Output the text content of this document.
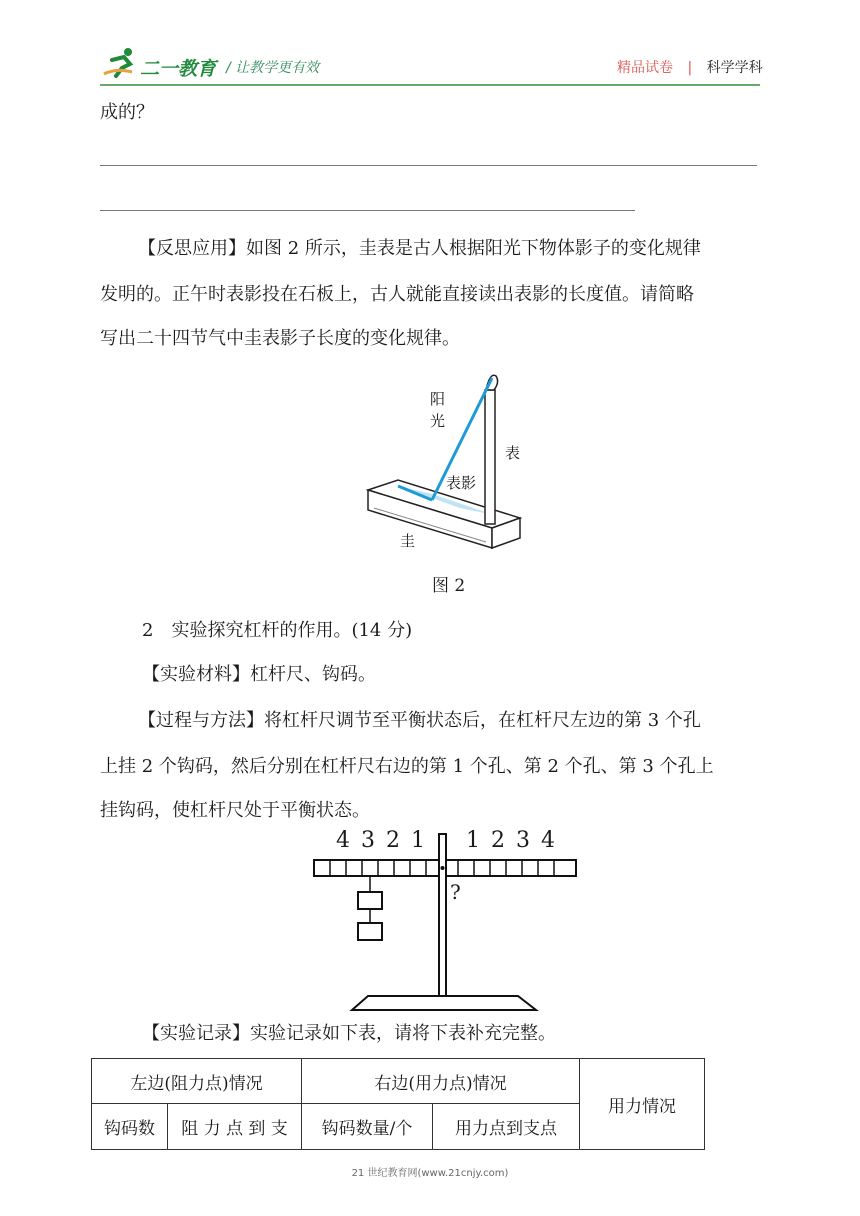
二一教育 / 让教学更有效	精品试卷 | 科学学科
成的？
【反思应用】如图 2 所示，圭表是古人根据阳光下物体影子的变化规律
发明的。正午时表影投在石板上，古人就能直接读出表影的长度值。请简略
写出二十四节气中圭表影子长度的变化规律。
阳
光
表
表影
圭
图 2
2　实验探究杠杆的作用。(14 分)
【实验材料】杠杆尺、钩码。
【过程与方法】将杠杆尺调节至平衡状态后，在杠杆尺左边的第 3 个孔
上挂 2 个钩码，然后分别在杠杆尺右边的第 1 个孔、第 2 个孔、第 3 个孔上
挂钩码，使杠杆尺处于平衡状态。
4 3 2 1 1 2 3 4
?
【实验记录】实验记录如下表，请将下表补充完整。
左边(阻力点)情况		右边(用力点)情况		用力情况
钩码数	阻 力 点 到 支	钩码数量/个	用力点到支点	
21 世纪教育网(www.21cnjy.com)
